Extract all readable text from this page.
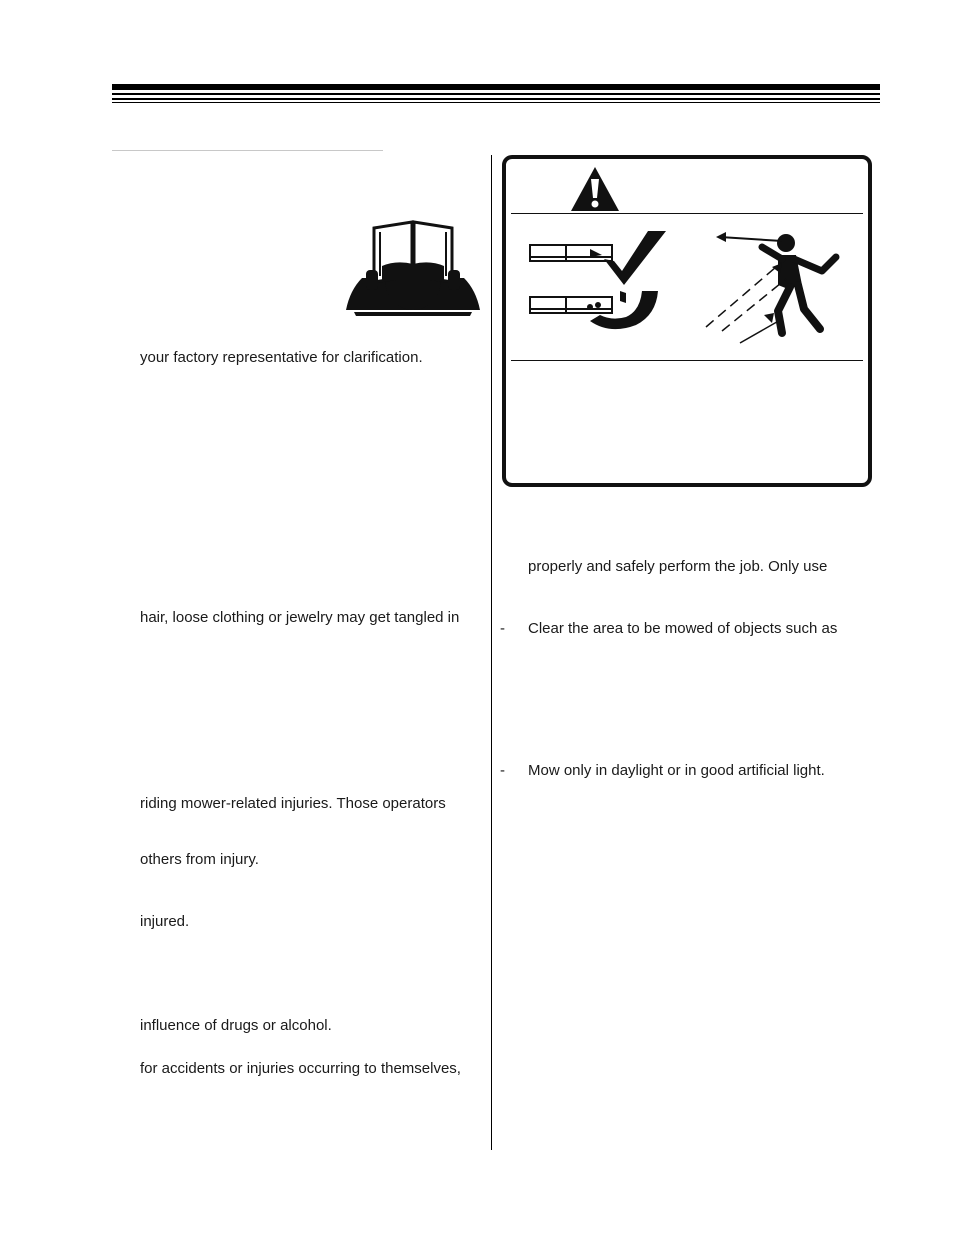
your factory representative for clarification.
hair, loose clothing or jewelry may get tangled in
riding mower-related injuries. Those operators
others from injury.
injured.
influence of drugs or alcohol.
for accidents or injuries occurring to themselves,
properly and safely perform the job. Only use
- Clear the area to be mowed of objects such as
- Mow only in daylight or in good artificial light.
